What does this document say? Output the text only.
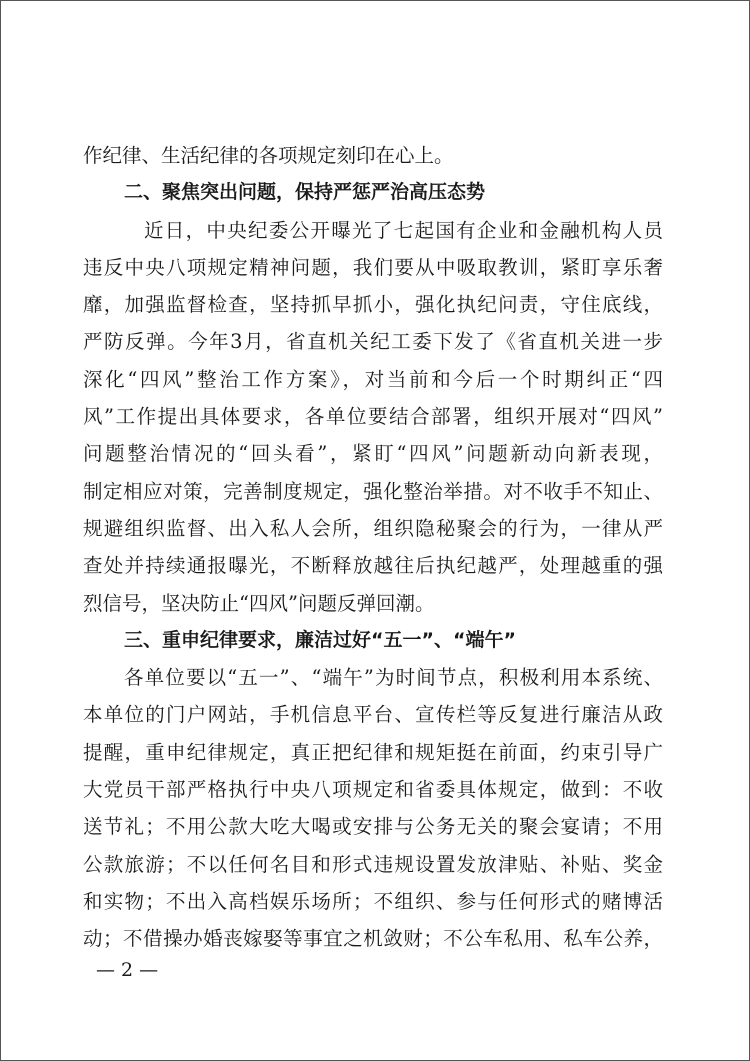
作纪律、生活纪律的各项规定刻印在心上。
二、聚焦突出问题，保持严惩严治高压态势
近日，中央纪委公开曝光了七起国有企业和金融机构人员
违反中央八项规定精神问题，我们要从中吸取教训，紧盯享乐奢
靡，加强监督检查，坚持抓早抓小，强化执纪问责，守住底线，
严防反弹。今年3月，省直机关纪工委下发了《省直机关进一步
深化“四风”整治工作方案》，对当前和今后一个时期纠正“四
风”工作提出具体要求，各单位要结合部署，组织开展对“四风”
问题整治情况的“回头看”，紧盯“四风”问题新动向新表现，
制定相应对策，完善制度规定，强化整治举措。对不收手不知止、
规避组织监督、出入私人会所，组织隐秘聚会的行为，一律从严
查处并持续通报曝光，不断释放越往后执纪越严，处理越重的强
烈信号，坚决防止“四风”问题反弹回潮。
三、重申纪律要求，廉洁过好“五一”、“端午”
各单位要以“五一”、“端午”为时间节点，积极利用本系统、
本单位的门户网站，手机信息平台、宣传栏等反复进行廉洁从政
提醒，重申纪律规定，真正把纪律和规矩挺在前面，约束引导广
大党员干部严格执行中央八项规定和省委具体规定，做到：不收
送节礼；不用公款大吃大喝或安排与公务无关的聚会宴请；不用
公款旅游；不以任何名目和形式违规设置发放津贴、补贴、奖金
和实物；不出入高档娱乐场所；不组织、参与任何形式的赌博活
动；不借操办婚丧嫁娶等事宜之机敛财；不公车私用、私车公养，
— 2 —
